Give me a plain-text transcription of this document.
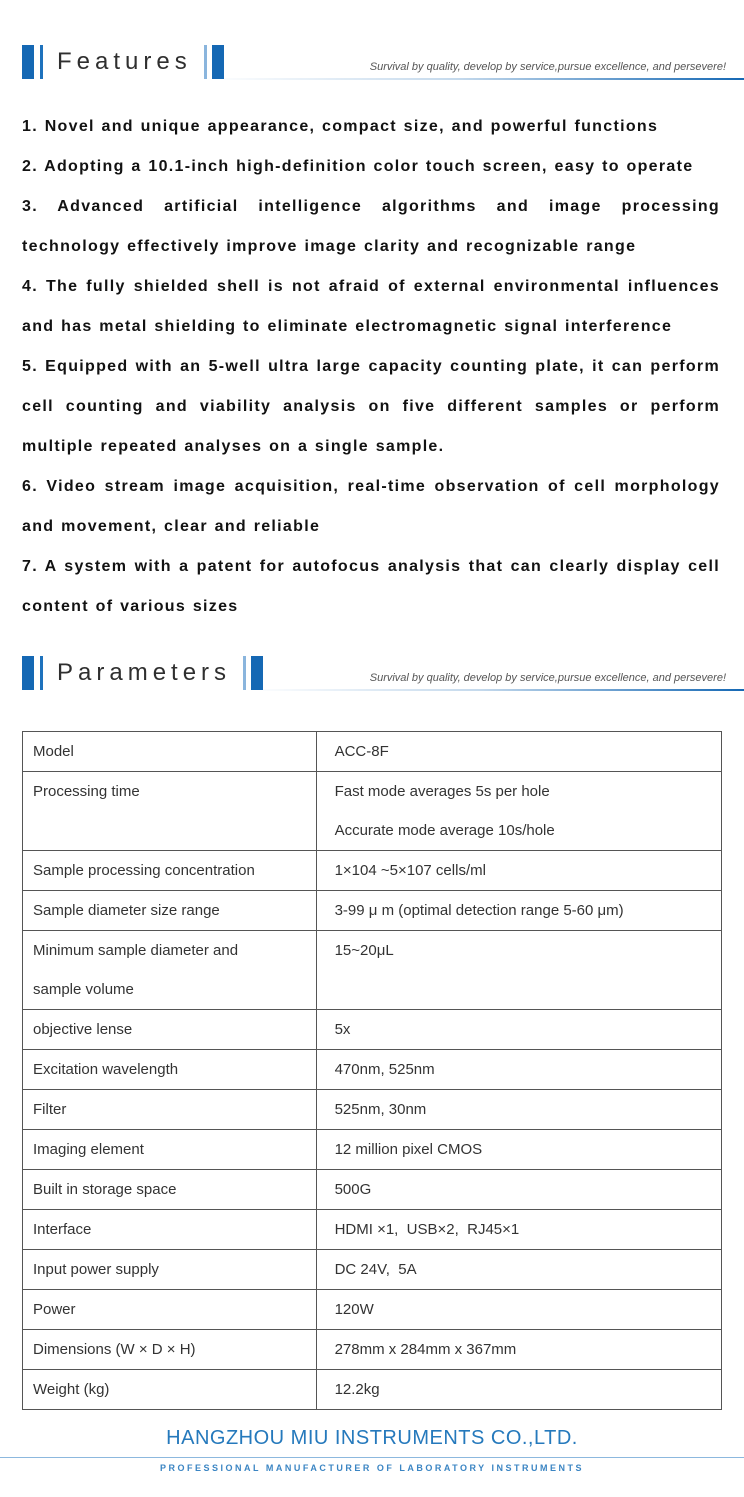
Features	Survival by quality, develop by service,pursue excellence, and persevere!

1. Novel and unique appearance, compact size, and powerful functions

2. Adopting a 10.1-inch high-definition color touch screen, easy to operate

3. Advanced artificial intelligence algorithms and image processing technology effectively improve image clarity and recognizable range

4. The fully shielded shell is not afraid of external environmental influences and has metal shielding to eliminate electromagnetic signal interference

5. Equipped with an 5-well ultra large capacity counting plate, it can perform cell counting and viability analysis on five different samples or perform multiple repeated analyses on a single sample.

6. Video stream image acquisition, real-time observation of cell morphology and movement, clear and reliable

7. A system with a patent for autofocus analysis that can clearly display cell content of various sizes

Parameters	Survival by quality, develop by service,pursue excellence, and persevere!
Model	ACC-8F

Processing time	Fast mode averages 5s per hole
Accurate mode average 10s/hole

Sample processing concentration	1×104 ~5×107 cells/ml

Sample diameter size range	3-99 μ m (optimal detection range 5-60 μm)

Minimum sample diameter and
sample volume	15~20μL

objective lense	5x

Excitation wavelength	470nm, 525nm

Filter	525nm, 30nm

Imaging element	12 million pixel CMOS

Built in storage space	500G

Interface	HDMI ×1,  USB×2,  RJ45×1

Input power supply	DC 24V,  5A

Power	120W

Dimensions (W × D × H)	278mm x 284mm x 367mm

Weight (kg)	12.2kg
HANGZHOU MIU INSTRUMENTS CO.,LTD.
PROFESSIONAL MANUFACTURER OF LABORATORY INSTRUMENTS
